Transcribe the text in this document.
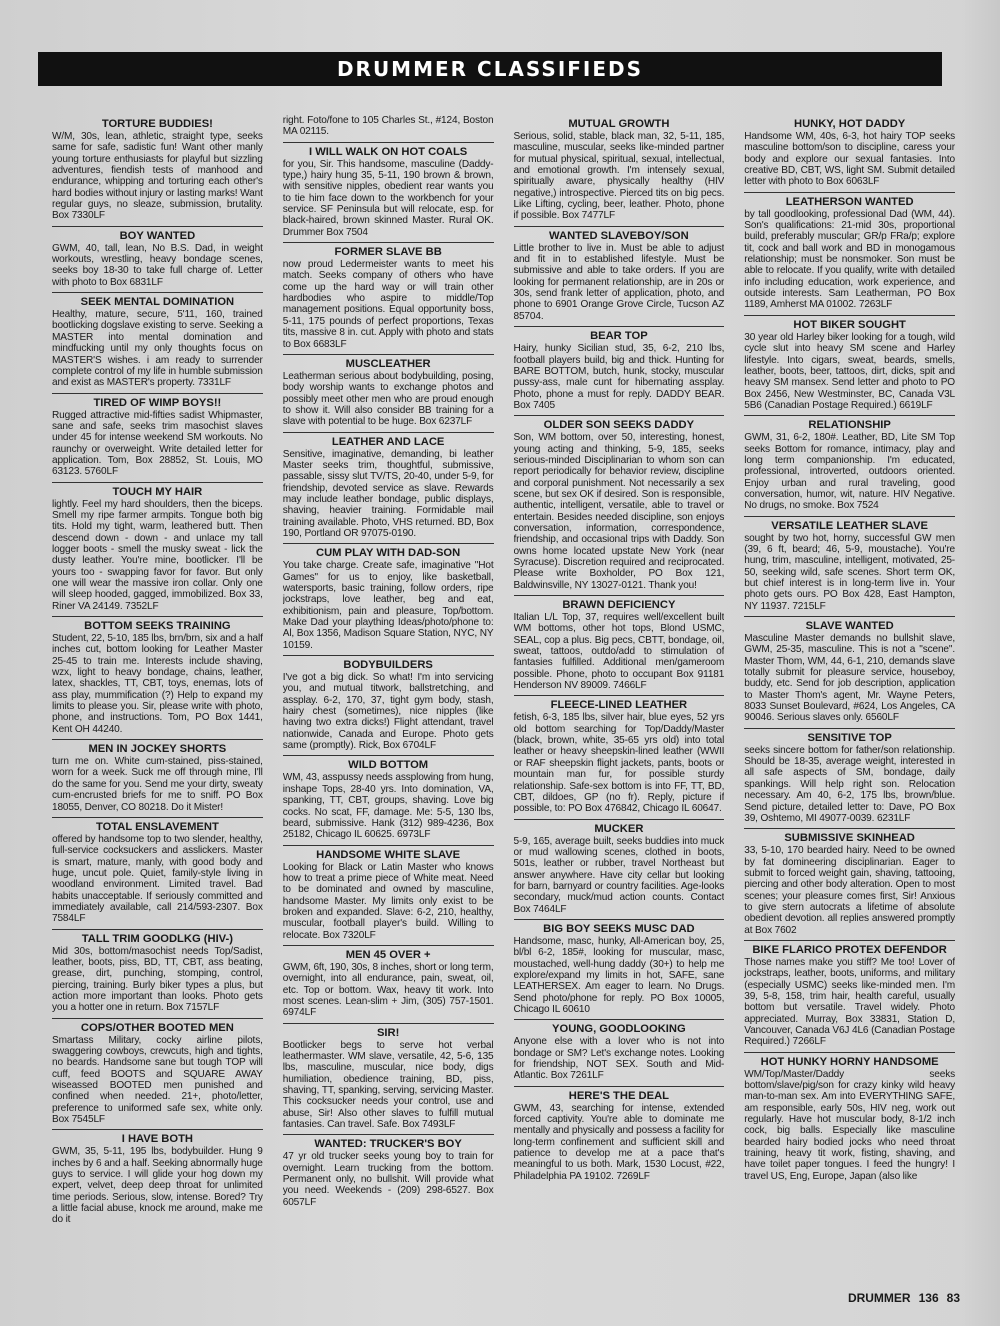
DRUMMER CLASSIFIEDS
TORTURE BUDDIES!

W/M, 30s, lean, athletic, straight type, seeks same for safe, sadistic fun! Want other manly young torture enthusiasts for playful but sizzling adventures, fiendish tests of manhood and endurance, whipping and torturing each other's hard bodies without injury or lasting marks! Want regular guys, no sleaze, submission, brutality. Box 7330LF

BOY WANTED

GWM, 40, tall, lean, No B.S. Dad, in weight workouts, wrestling, heavy bondage scenes, seeks boy 18-30 to take full charge of. Letter with photo to Box 6831LF

SEEK MENTAL DOMINATION

Healthy, mature, secure, 5'11, 160, trained bootlicking dogslave existing to serve. Seeking a MASTER into mental domination and mindfucking until my only thoughts focus on MASTER'S wishes. i am ready to surrender complete control of my life in humble submission and exist as MASTER's property. 7331LF

TIRED OF WIMP BOYS!!

Rugged attractive mid-fifties sadist Whipmaster, sane and safe, seeks trim masochist slaves under 45 for intense weekend SM workouts. No raunchy or overweight. Write detailed letter for application. Tom, Box 28852, St. Louis, MO 63123. 5760LF

TOUCH MY HAIR

lightly. Feel my hard shoulders, then the biceps. Smell my ripe farmer armpits. Tongue both big tits. Hold my tight, warm, leathered butt. Then descend down - down - and unlace my tall logger boots - smell the musky sweat - lick the dusty leather. You're mine, bootlicker. I'll be yours too - swapping favor for favor. But only one will wear the massive iron collar. Only one will sleep hooded, gagged, immobilized. Box 33, Riner VA 24149. 7352LF

BOTTOM SEEKS TRAINING

Student, 22, 5-10, 185 lbs, brn/brn, six and a half inches cut, bottom looking for Leather Master 25-45 to train me. Interests include shaving, wzx, light to heavy bondage, chains, leather, latex, shackles, TT, CBT, toys, enemas, lots of ass play, mummification (?) Help to expand my limits to please you. Sir, please write with photo, phone, and instructions. Tom, PO Box 1441, Kent OH 44240.

MEN IN JOCKEY SHORTS

turn me on. White cum-stained, piss-stained, worn for a week. Suck me off through mine, I'll do the same for you. Send me your dirty, sweaty cum-encrusted briefs for me to sniff. PO Box 18055, Denver, CO 80218. Do it Mister!

TOTAL ENSLAVEMENT

offered by handsome top to two slender, healthy, full-service cocksuckers and asslickers. Master is smart, mature, manly, with good body and huge, uncut pole. Quiet, family-style living in woodland environment. Limited travel. Bad habits unacceptable. If seriously committed and immediately available, call 214/593-2307. Box 7584LF

TALL TRIM GOODLKG (HIV-)

Mid 30s, bottom/masochist needs Top/Sadist, leather, boots, piss, BD, TT, CBT, ass beating, grease, dirt, punching, stomping, control, piercing, training. Burly biker types a plus, but action more important than looks. Photo gets you a hotter one in return. Box 7157LF

COPS/OTHER BOOTED MEN

Smartass Military, cocky airline pilots, swaggering cowboys, crewcuts, high and tights, no beards. Handsome sane but tough TOP will cuff, feed BOOTS and SQUARE AWAY wiseassed BOOTED men punished and confined when needed. 21+, photo/letter, preference to uniformed safe sex, white only. Box 7545LF

I HAVE BOTH

GWM, 35, 5-11, 195 lbs, bodybuilder. Hung 9 inches by 6 and a half. Seeking abnormally huge guys to service. I will glide your hog down my expert, velvet, deep deep throat for unlimited time periods. Serious, slow, intense. Bored? Try a little facial abuse, knock me around, make me do it

right. Foto/fone to 105 Charles St., #124, Boston MA 02115.

I WILL WALK ON HOT COALS

for you, Sir. This handsome, masculine (Daddy-type,) hairy hung 35, 5-11, 190 brown & brown, with sensitive nipples, obedient rear wants you to tie him face down to the workbench for your service. SF Peninsula but will relocate, esp. for black-haired, brown skinned Master. Rural OK. Drummer Box 7504

FORMER SLAVE BB

now proud Ledermeister wants to meet his match. Seeks company of others who have come up the hard way or will train other hardbodies who aspire to middle/Top management positions. Equal opportunity boss, 5-11, 175 pounds of perfect proportions, Texas tits, massive 8 in. cut. Apply with photo and stats to Box 6683LF

MUSCLEATHER

Leatherman serious about bodybuilding, posing, body worship wants to exchange photos and possibly meet other men who are proud enough to show it. Will also consider BB training for a slave with potential to be huge. Box 6237LF

LEATHER AND LACE

Sensitive, imaginative, demanding, bi leather Master seeks trim, thoughtful, submissive, passable, sissy slut TV/TS, 20-40, under 5-9, for friendship, devoted service as slave. Rewards may include leather bondage, public displays, shaving, heavier training. Formidable mail training available. Photo, VHS returned. BD, Box 190, Portland OR 97075-0190.

CUM PLAY WITH DAD-SON

You take charge. Create safe, imaginative "Hot Games" for us to enjoy, like basketball, watersports, basic training, follow orders, ripe jockstraps, love leather, beg and eat, exhibitionism, pain and pleasure, Top/bottom. Make Dad your plaything Ideas/photo/phone to: Al, Box 1356, Madison Square Station, NYC, NY 10159.

BODYBUILDERS

I've got a big dick. So what! I'm into servicing you, and mutual titwork, ballstretching, and assplay. 6-2, 170, 37, tight gym body, stash, hairy chest (sometimes), nice nipples (like having two extra dicks!) Flight attendant, travel nationwide, Canada and Europe. Photo gets same (promptly). Rick, Box 6704LF

WILD BOTTOM

WM, 43, asspussy needs assplowing from hung, inshape Tops, 28-40 yrs. Into domination, VA, spanking, TT, CBT, groups, shaving. Love big cocks. No scat, FF, damage. Me: 5-5, 130 lbs, beard, submissive. Hank (312) 989-4236, Box 25182, Chicago IL 60625. 6973LF

HANDSOME WHITE SLAVE

Looking for Black or Latin Master who knows how to treat a prime piece of White meat. Need to be dominated and owned by masculine, handsome Master. My limits only exist to be broken and expanded. Slave: 6-2, 210, healthy, muscular, football player's build. Willing to relocate. Box 7320LF

MEN 45 OVER +

GWM, 6ft, 190, 30s, 8 inches, short or long term, overnight, into all endurance, pain, sweat, oil, etc. Top or bottom. Wax, heavy tit work. Into most scenes. Lean-slim + Jim, (305) 757-1501. 6974LF

SIR!

Bootlicker begs to serve hot verbal leathermaster. WM slave, versatile, 42, 5-6, 135 lbs, masculine, muscular, nice body, digs humiliation, obedience training, BD, piss, shaving, TT, spanking, serving, servicing Master. This cocksucker needs your control, use and abuse, Sir! Also other slaves to fulfill mutual fantasies. Can travel. Safe. Box 7493LF

WANTED: TRUCKER'S BOY

47 yr old trucker seeks young boy to train for overnight. Learn trucking from the bottom. Permanent only, no bullshit. Will provide what you need. Weekends - (209) 298-6527. Box 6057LF

MUTUAL GROWTH

Serious, solid, stable, black man, 32, 5-11, 185, masculine, muscular, seeks like-minded partner for mutual physical, spiritual, sexual, intellectual, and emotional growth. I'm intensely sexual, spiritually aware, physically healthy (HIV negative,) introspective. Pierced tits on big pecs. Like Lifting, cycling, beer, leather. Photo, phone if possible. Box 7477LF

WANTED SLAVEBOY/SON

Little brother to live in. Must be able to adjust and fit in to established lifestyle. Must be submissive and able to take orders. If you are looking for permanent relationship, are in 20s or 30s, send frank letter of application, photo, and phone to 6901 Orange Grove Circle, Tucson AZ 85704.

BEAR TOP

Hairy, hunky Sicilian stud, 35, 6-2, 210 lbs, football players build, big and thick. Hunting for BARE BOTTOM, butch, hunk, stocky, muscular pussy-ass, male cunt for hibernating assplay. Photo, phone a must for reply. DADDY BEAR. Box 7405

OLDER SON SEEKS DADDY

Son, WM bottom, over 50, interesting, honest, young acting and thinking, 5-9, 185, seeks serious-minded Disciplinarian to whom son can report periodically for behavior review, discipline and corporal punishment. Not necessarily a sex scene, but sex OK if desired. Son is responsible, authentic, intelligent, versatile, able to travel or entertain. Besides needed discipline, son enjoys conversation, information, correspondence, friendship, and occasional trips with Daddy. Son owns home located upstate New York (near Syracuse). Discretion required and reciprocated. Please write Boxholder, PO Box 121, Baldwinsville, NY 13027-0121. Thank you!

BRAWN DEFICIENCY

Italian L/L Top, 37, requires well/excellent built WM bottoms, other hot tops, Blond USMC, SEAL, cop a plus. Big pecs, CBTT, bondage, oil, sweat, tattoos, outdo/add to stimulation of fantasies fulfilled. Additional men/gameroom possible. Phone, photo to occupant Box 91181 Henderson NV 89009. 7466LF

FLEECE-LINED LEATHER

fetish, 6-3, 185 lbs, silver hair, blue eyes, 52 yrs old bottom searching for Top/Daddy/Master (black, brown, white, 35-65 yrs old) into total leather or heavy sheepskin-lined leather (WWII or RAF sheepskin flight jackets, pants, boots or mountain man fur, for possible sturdy relationship. Safe-sex bottom is into FF, TT, BD, CBT, dildoes, GP (no fr). Reply, picture if possible, to: PO Box 476842, Chicago IL 60647.

MUCKER

5-9, 165, average built, seeks buddies into muck or mud wallowing scenes, clothed in boots, 501s, leather or rubber, travel Northeast but answer anywhere. Have city cellar but looking for barn, barnyard or country facilities. Age-looks secondary, muck/mud action counts. Contact Box 7464LF

BIG BOY SEEKS MUSC DAD

Handsome, masc, hunky, All-American boy, 25, bl/bl 6-2, 185#, looking for muscular, masc, moustached, well-hung daddy (30+) to help me explore/expand my limits in hot, SAFE, sane LEATHERSEX. Am eager to learn. No Drugs. Send photo/phone for reply. PO Box 10005, Chicago IL 60610

YOUNG, GOODLOOKING

Anyone else with a lover who is not into bondage or SM? Let's exchange notes. Looking for friendship, NOT SEX. South and Mid-Atlantic. Box 7261LF

HERE'S THE DEAL

GWM, 43, searching for intense, extended forced captivity. You're able to dominate me mentally and physically and possess a facility for long-term confinement and sufficient skill and patience to develop me at a pace that's meaningful to us both. Mark, 1530 Locust, #22, Philadelphia PA 19102. 7269LF

HUNKY, HOT DADDY

Handsome WM, 40s, 6-3, hot hairy TOP seeks masculine bottom/son to discipline, caress your body and explore our sexual fantasies. Into creative BD, CBT, WS, light SM. Submit detailed letter with photo to Box 6063LF

LEATHERSON WANTED

by tall goodlooking, professional Dad (WM, 44). Son's qualifications: 21-mid 30s, proportional build, preferably muscular; GR/p FRa/p; explore tit, cock and ball work and BD in monogamous relationship; must be nonsmoker. Son must be able to relocate. If you qualify, write with detailed info including education, work experience, and outside interests. Sam Leatherman, PO Box 1189, Amherst MA 01002. 7263LF

HOT BIKER SOUGHT

30 year old Harley biker looking for a tough, wild cycle slut into heavy SM scene and Harley lifestyle. Into cigars, sweat, beards, smells, leather, boots, beer, tattoos, dirt, dicks, spit and heavy SM mansex. Send letter and photo to PO Box 2456, New Westminster, BC, Canada V3L 5B6 (Canadian Postage Required.) 6619LF

RELATIONSHIP

GWM, 31, 6-2, 180#. Leather, BD, Lite SM Top seeks Bottom for romance, intimacy, play and long term companionship. I'm educated, professional, introverted, outdoors oriented. Enjoy urban and rural traveling, good conversation, humor, wit, nature. HIV Negative. No drugs, no smoke. Box 7524

VERSATILE LEATHER SLAVE

sought by two hot, horny, successful GW men (39, 6 ft, beard; 46, 5-9, moustache). You're hung, trim, masculine, intelligent, motivated, 25-50, seeking wild, safe scenes. Short term OK, but chief interest is in long-term live in. Your photo gets ours. PO Box 428, East Hampton, NY 11937. 7215LF

SLAVE WANTED

Masculine Master demands no bullshit slave, GWM, 25-35, masculine. This is not a "scene". Master Thom, WM, 44, 6-1, 210, demands slave totally submit for pleasure service, houseboy, buddy, etc. Send for job description, application to Master Thom's agent, Mr. Wayne Peters, 8033 Sunset Boulevard, #624, Los Angeles, CA 90046. Serious slaves only. 6560LF

SENSITIVE TOP

seeks sincere bottom for father/son relationship. Should be 18-35, average weight, interested in all safe aspects of SM, bondage, daily spankings. Will help right son. Relocation necessary. Am 40, 6-2, 175 lbs, brown/blue. Send picture, detailed letter to: Dave, PO Box 39, Oshtemo, MI 49077-0039. 6231LF

SUBMISSIVE SKINHEAD

33, 5-10, 170 bearded hairy. Need to be owned by fat domineering disciplinarian. Eager to submit to forced weight gain, shaving, tattooing, piercing and other body alteration. Open to most scenes; your pleasure comes first, Sir! Anxious to give stern autocrats a lifetime of absolute obedient devotion. all replies answered promptly at Box 7602

BIKE FLARICO PROTEX DEFENDOR

Those names make you stiff? Me too! Lover of jockstraps, leather, boots, uniforms, and military (especially USMC) seeks like-minded men. I'm 39, 5-8, 158, trim hair, health careful, usually bottom but versatile. Travel widely. Photo appreciated. Murray, Box 33831, Station D, Vancouver, Canada V6J 4L6 (Canadian Postage Required.) 7266LF

HOT HUNKY HORNY HANDSOME

WM/Top/Master/Daddy seeks bottom/slave/pig/son for crazy kinky wild heavy man-to-man sex. Am into EVERYTHING SAFE, am responsible, early 50s, HIV neg, work out regularly. Have hot muscular body, 8-1/2 inch cock, big balls. Especially like masculine bearded hairy bodied jocks who need throat training, heavy tit work, fisting, shaving, and have toilet paper tongues. I feed the hungry! I travel US, Eng, Europe, Japan (also like

DRUMMER 136 83
